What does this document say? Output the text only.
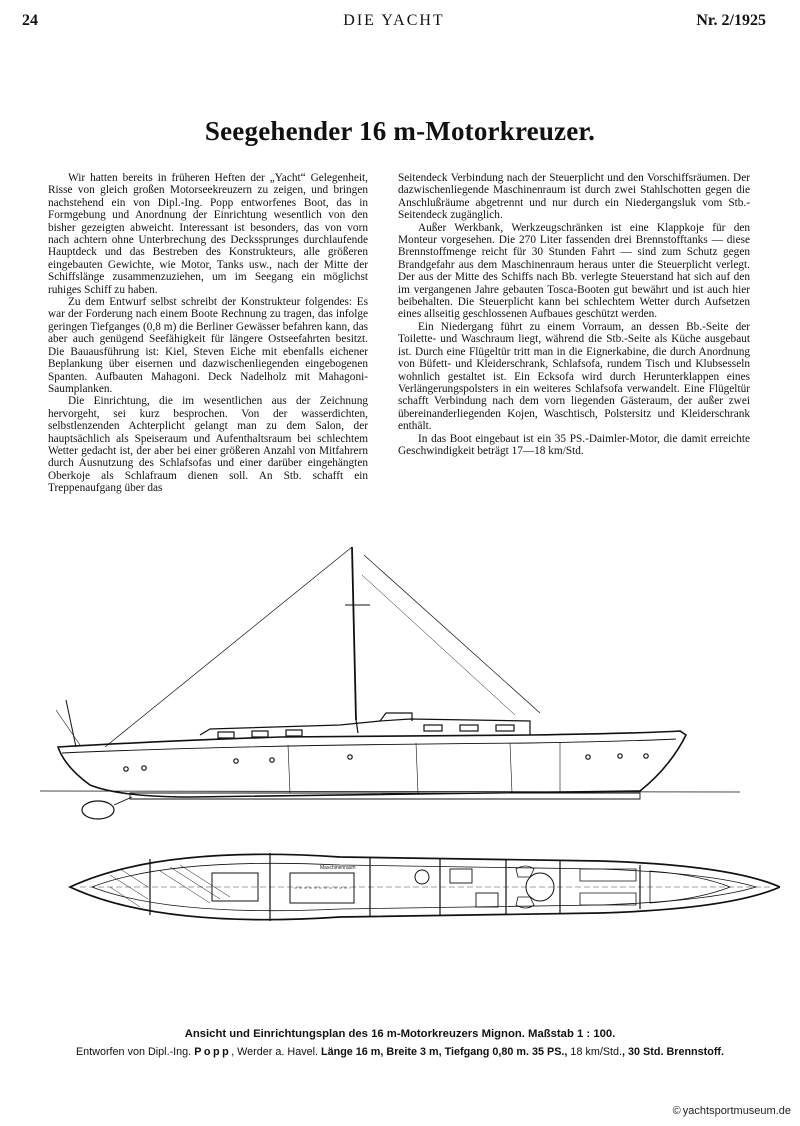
24	DIE YACHT	Nr. 2/1925
Seegehender 16 m-Motorkreuzer.

Wir hatten bereits in früheren Heften der „Yacht“ Gelegenheit, Risse von gleich großen Motorseekreuzern zu zeigen, und bringen nachstehend ein von Dipl.-Ing. Popp entworfenes Boot, das in Formgebung und Anordnung der Einrichtung wesentlich von den bisher gezeigten abweicht. Interessant ist besonders, das von vorn nach achtern ohne Unterbrechung des Deckssprunges durchlaufende Hauptdeck und das Bestreben des Konstrukteurs, alle größeren eingebauten Gewichte, wie Motor, Tanks usw., nach der Mitte der Schiffslänge zusammenzuziehen, um im Seegang ein möglichst ruhiges Schiff zu haben.

Zu dem Entwurf selbst schreibt der Konstrukteur folgendes: Es war der Forderung nach einem Boote Rechnung zu tragen, das infolge geringen Tiefganges (0,8 m) die Berliner Gewässer befahren kann, das aber auch genügend Seefähigkeit für längere Ostseefahrten besitzt. Die Bauausführung ist: Kiel, Steven Eiche mit ebenfalls eichener Beplankung über eisernen und dazwischenliegenden eingebogenen Spanten. Aufbauten Mahagoni. Deck Nadelholz mit Mahagoni-Saumplanken.

Die Einrichtung, die im wesentlichen aus der Zeichnung hervorgeht, sei kurz besprochen. Von der wasserdichten, selbstlenzenden Achterplicht gelangt man zu dem Salon, der hauptsächlich als Speiseraum und Aufenthaltsraum bei schlechtem Wetter gedacht ist, der aber bei einer größeren Anzahl von Mitfahrern durch Ausnutzung des Schlafsofas und einer darüber eingehängten Oberkoje als Schlafraum dienen soll. An Stb. schafft ein Treppenaufgang über das

Seitendeck Verbindung nach der Steuerplicht und den Vorschiffsräumen. Der dazwischenliegende Maschinenraum ist durch zwei Stahlschotten gegen die Anschlußräume abgetrennt und nur durch ein Niedergangsluk vom Stb.-Seitendeck zugänglich.

Außer Werkbank, Werkzeugschränken ist eine Klappkoje für den Monteur vorgesehen. Die 270 Liter fassenden drei Brennstofftanks — diese Brennstoffmenge reicht für 30 Stunden Fahrt — sind zum Schutz gegen Brandgefahr aus dem Maschinenraum heraus unter die Steuerplicht verlegt. Der aus der Mitte des Schiffs nach Bb. verlegte Steuerstand hat sich auf den im vergangenen Jahre gebauten Tosca-Booten gut bewährt und ist auch hier beibehalten. Die Steuerplicht kann bei schlechtem Wetter durch Aufsetzen eines allseitig geschlossenen Aufbaues geschützt werden.

Ein Niedergang führt zu einem Vorraum, an dessen Bb.-Seite der Toilette- und Waschraum liegt, während die Stb.-Seite als Küche ausgebaut ist. Durch eine Flügeltür tritt man in die Eignerkabine, die durch Anordnung von Büfett- und Kleiderschrank, Schlafsofa, rundem Tisch und Klubsesseln wohnlich gestaltet ist. Ein Ecksofa wird durch Herunterklappen eines Verlängerungspolsters in ein weiteres Schlafsofa verwandelt. Eine Flügeltür schafft Verbindung nach dem vorn liegenden Gästeraum, der außer zwei übereinanderliegenden Kojen, Waschtisch, Polstersitz und Kleiderschrank enthält.

In das Boot eingebaut ist ein 35 PS.-Daimler-Motor, die damit erreichte Geschwindigkeit beträgt 17—18 km/Std.

Maschinenraum
Ansicht und Einrichtungsplan des 16 m-Motorkreuzers Mignon. Maßstab 1 : 100.
Entworfen von Dipl.-Ing. Popp, Werder a. Havel. Länge 16 m, Breite 3 m, Tiefgang 0,80 m. 35 PS., 18 km/Std., 30 Std. Brennstoff.
© yachtsportmuseum.de
